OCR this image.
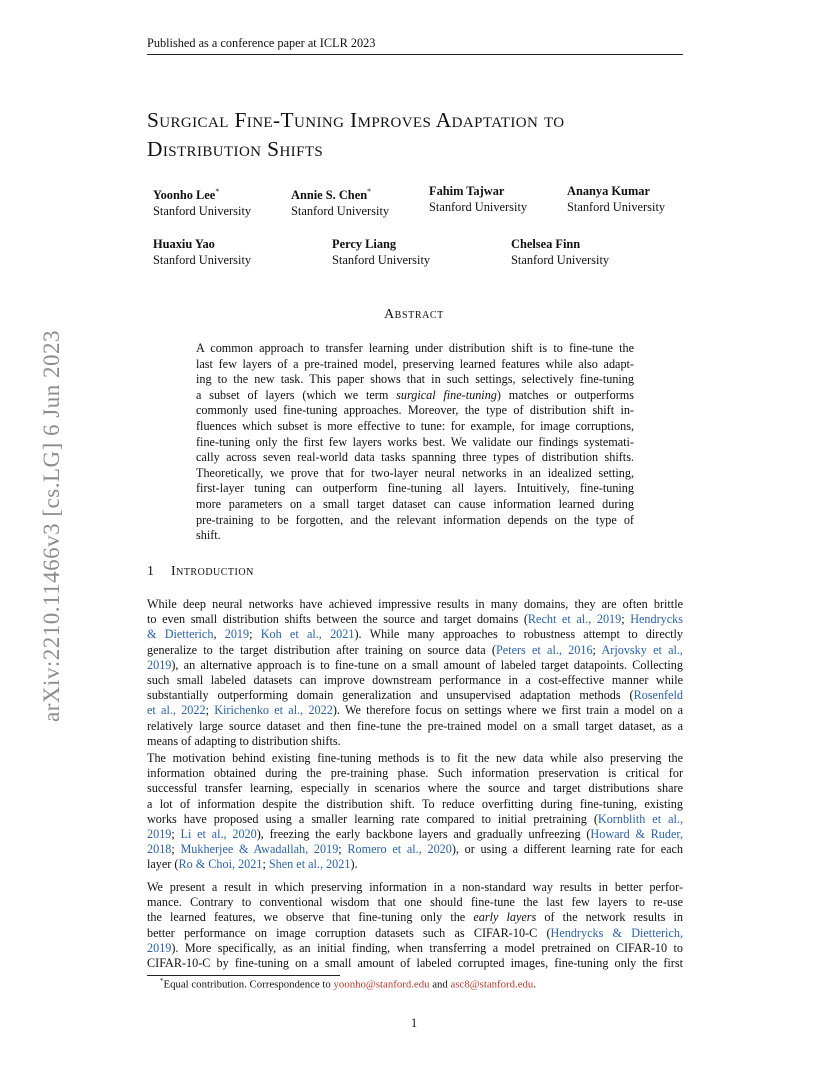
Published as a conference paper at ICLR 2023
Surgical Fine-Tuning Improves Adaptation to
Distribution Shifts
Yoonho Lee*
Stanford University
Annie S. Chen*
Stanford University
Fahim Tajwar
Stanford University
Ananya Kumar
Stanford University
Huaxiu Yao
Stanford University
Percy Liang
Stanford University
Chelsea Finn
Stanford University
Abstract
A common approach to transfer learning under distribution shift is to fine-tune the
last few layers of a pre-trained model, preserving learned features while also adapt-
ing to the new task. This paper shows that in such settings, selectively fine-tuning
a subset of layers (which we term surgical fine-tuning) matches or outperforms
commonly used fine-tuning approaches. Moreover, the type of distribution shift in-
fluences which subset is more effective to tune: for example, for image corruptions,
fine-tuning only the first few layers works best. We validate our findings systemati-
cally across seven real-world data tasks spanning three types of distribution shifts.
Theoretically, we prove that for two-layer neural networks in an idealized setting,
first-layer tuning can outperform fine-tuning all layers. Intuitively, fine-tuning
more parameters on a small target dataset can cause information learned during
pre-training to be forgotten, and the relevant information depends on the type of
shift.
1 Introduction
While deep neural networks have achieved impressive results in many domains, they are often brittle
to even small distribution shifts between the source and target domains (Recht et al., 2019; Hendrycks
& Dietterich, 2019; Koh et al., 2021). While many approaches to robustness attempt to directly
generalize to the target distribution after training on source data (Peters et al., 2016; Arjovsky et al.,
2019), an alternative approach is to fine-tune on a small amount of labeled target datapoints. Collecting
such small labeled datasets can improve downstream performance in a cost-effective manner while
substantially outperforming domain generalization and unsupervised adaptation methods (Rosenfeld
et al., 2022; Kirichenko et al., 2022). We therefore focus on settings where we first train a model on a
relatively large source dataset and then fine-tune the pre-trained model on a small target dataset, as a
means of adapting to distribution shifts.
The motivation behind existing fine-tuning methods is to fit the new data while also preserving the
information obtained during the pre-training phase. Such information preservation is critical for
successful transfer learning, especially in scenarios where the source and target distributions share
a lot of information despite the distribution shift. To reduce overfitting during fine-tuning, existing
works have proposed using a smaller learning rate compared to initial pretraining (Kornblith et al.,
2019; Li et al., 2020), freezing the early backbone layers and gradually unfreezing (Howard & Ruder,
2018; Mukherjee & Awadallah, 2019; Romero et al., 2020), or using a different learning rate for each
layer (Ro & Choi, 2021; Shen et al., 2021).
We present a result in which preserving information in a non-standard way results in better perfor-
mance. Contrary to conventional wisdom that one should fine-tune the last few layers to re-use
the learned features, we observe that fine-tuning only the early layers of the network results in
better performance on image corruption datasets such as CIFAR-10-C (Hendrycks & Dietterich,
2019). More specifically, as an initial finding, when transferring a model pretrained on CIFAR-10 to
CIFAR-10-C by fine-tuning on a small amount of labeled corrupted images, fine-tuning only the first
*Equal contribution. Correspondence to yoonho@stanford.edu and asc8@stanford.edu.
1
arXiv:2210.11466v3 [cs.LG] 6 Jun 2023
